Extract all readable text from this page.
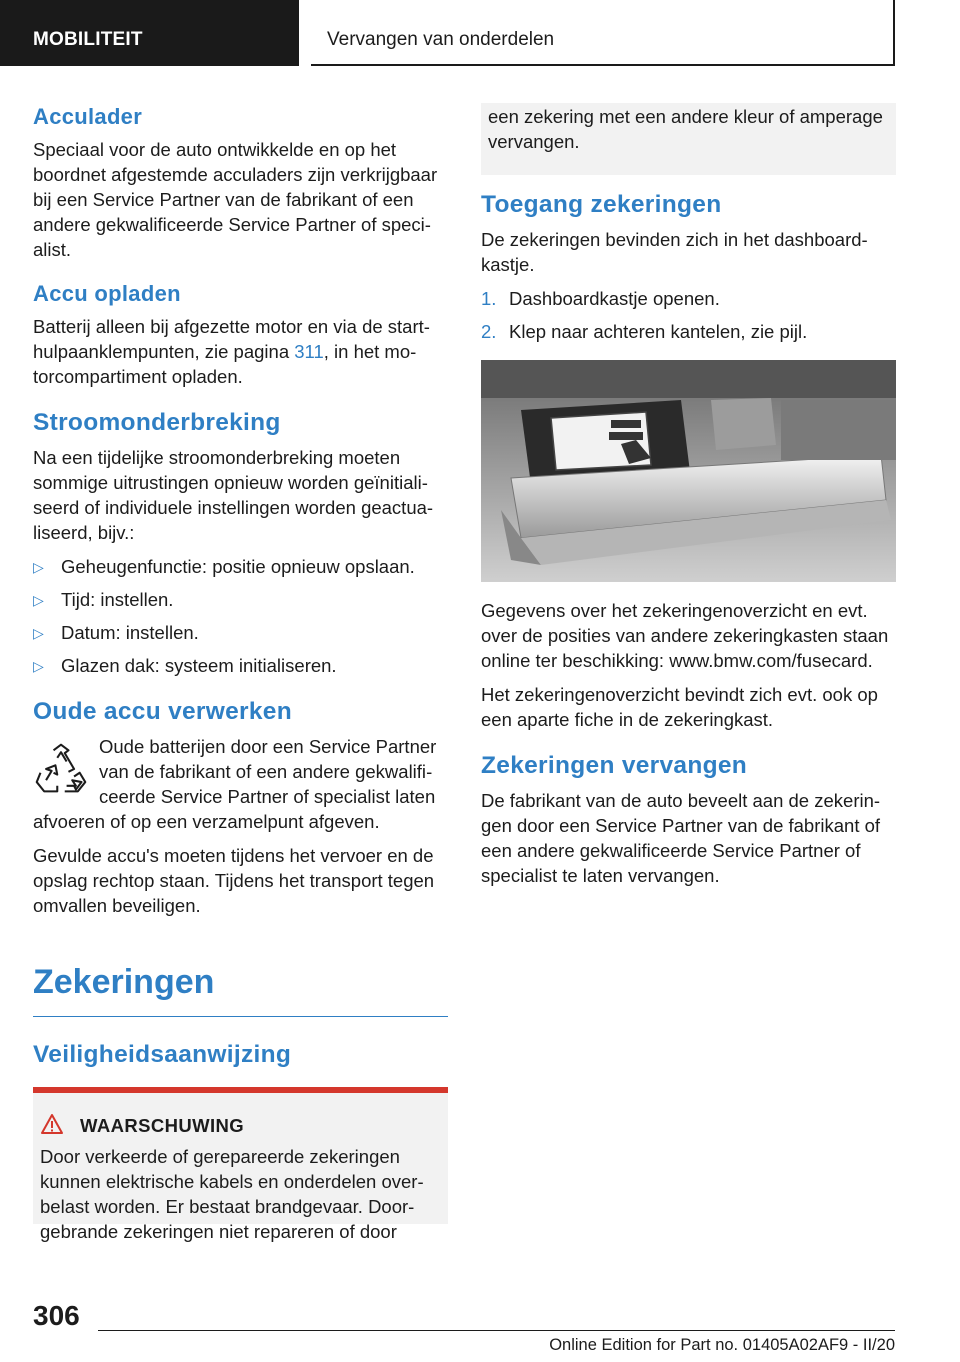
MOBILITEIT	Vervangen van onderdelen
Acculader

Speciaal voor de auto ontwikkelde en op het boordnet afgestemde acculaders zijn verkrijgbaar bij een Service Partner van de fabrikant of een andere gekwalificeerde Service Partner of specialist.

Accu opladen

Batterij alleen bij afgezette motor en via de starthulpaanklempunten, zie pagina 311, in het motorcompartiment opladen.

Stroomonderbreking

Na een tijdelijke stroomonderbreking moeten sommige uitrustingen opnieuw worden geïnitialiseerd of individuele instellingen worden geactualiseerd, bijv.:

▷ Geheugenfunctie: positie opnieuw opslaan.
▷ Tijd: instellen.
▷ Datum: instellen.
▷ Glazen dak: systeem initialiseren.
Oude accu verwerken

Oude batterijen door een Service Partner van de fabrikant of een andere gekwalificeerde Service Partner of specialist laten afvoeren of op een verzamelpunt afgeven.

Gevulde accu's moeten tijdens het vervoer en de opslag rechtop staan. Tijdens het transport tegen omvallen beveiligen.

Zekeringen
Veiligheidsaanwijzing
WAARSCHUWING

Door verkeerde of gerepareerde zekeringen kunnen elektrische kabels en onderdelen overbelast worden. Er bestaat brandgevaar. Doorgebrande zekeringen niet repareren of door

een zekering met een andere kleur of amperage vervangen.

Toegang zekeringen

De zekeringen bevinden zich in het dashboardkastje.

1. Dashboardkastje openen.
2. Klep naar achteren kantelen, zie pijl.

Gegevens over het zekeringenoverzicht en evt. over de posities van andere zekeringkasten staan online ter beschikking: www.bmw.com/fusecard.

Het zekeringenoverzicht bevindt zich evt. ook op een aparte fiche in de zekeringkast.

Zekeringen vervangen

De fabrikant van de auto beveelt aan de zekeringen door een Service Partner van de fabrikant of een andere gekwalificeerde Service Partner of specialist te laten vervangen.

306
Online Edition for Part no. 01405A02AF9 - II/20
